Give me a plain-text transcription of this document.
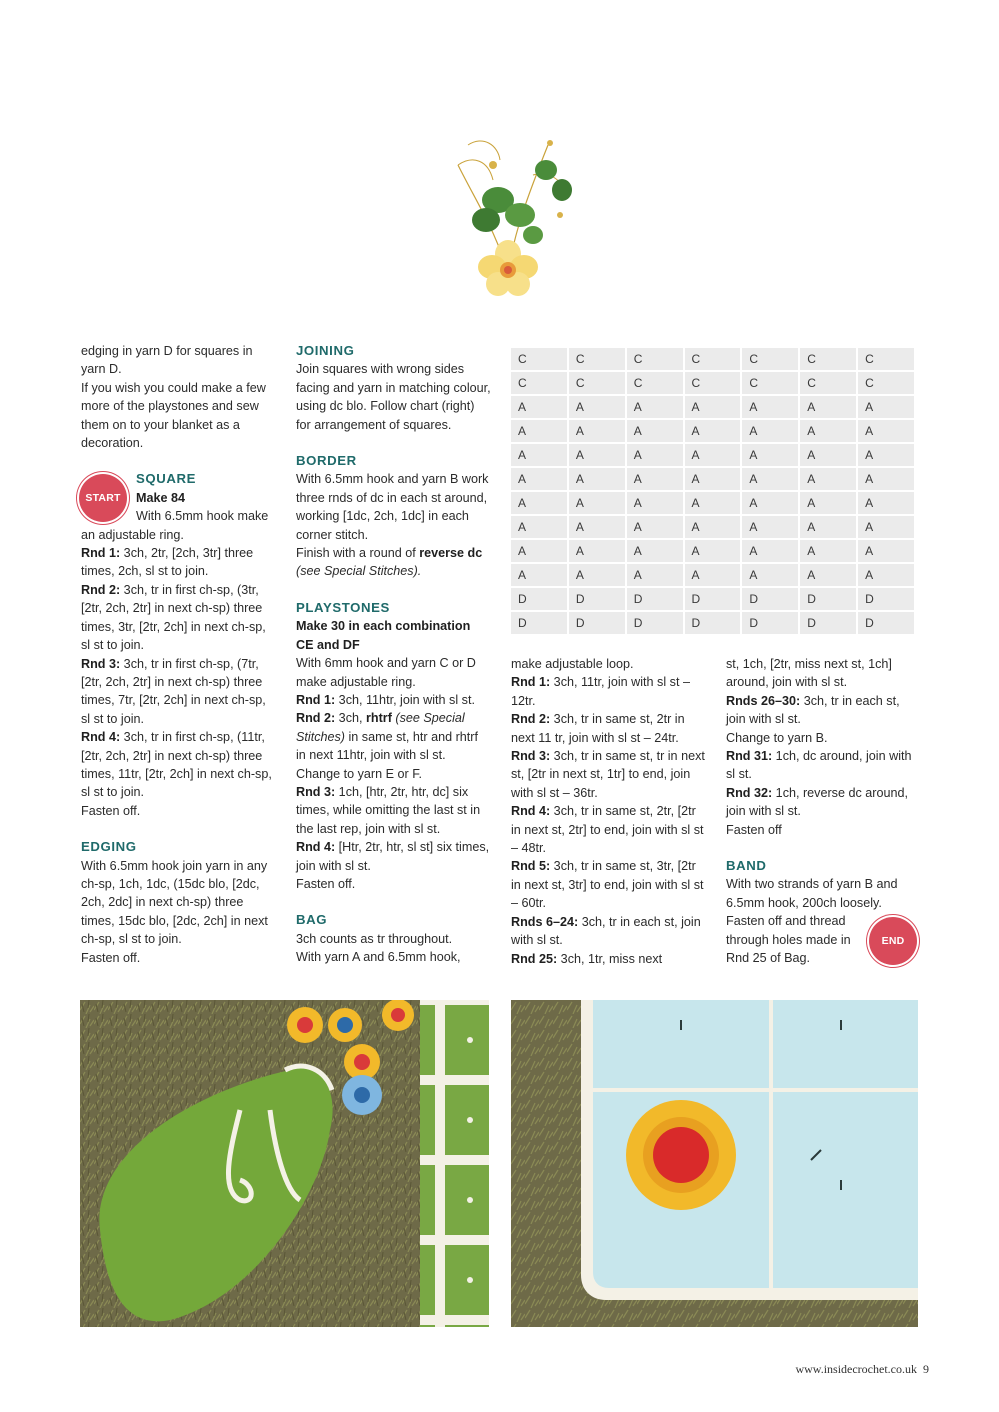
START
END

edging in yarn D for squares in yarn D.

If you wish you could make a few more of the playstones and sew them on to your blanket as a decoration.

SQUARE

Make 84

With 6.5mm hook make an adjustable ring.

Rnd 1: 3ch, 2tr, [2ch, 3tr] three times, 2ch, sl st to join.

Rnd 2: 3ch, tr in first ch-sp, (3tr, [2tr, 2ch, 2tr] in next ch-sp) three times, 3tr, [2tr, 2ch] in next ch-sp, sl st to join.

Rnd 3: 3ch, tr in first ch-sp, (7tr, [2tr, 2ch, 2tr] in next ch-sp) three times, 7tr, [2tr, 2ch] in next ch-sp, sl st to join.

Rnd 4: 3ch, tr in first ch-sp, (11tr, [2tr, 2ch, 2tr] in next ch-sp) three times, 11tr, [2tr, 2ch] in next ch-sp, sl st to join.

Fasten off.

EDGING

With 6.5mm hook join yarn in any ch-sp, 1ch, 1dc, (15dc blo, [2dc, 2ch, 2dc] in next ch-sp) three times, 15dc blo, [2dc, 2ch] in next ch-sp, sl st to join.

Fasten off.

JOINING

Join squares with wrong sides facing and yarn in matching colour, using dc blo. Follow chart (right) for arrangement of squares.

BORDER

With 6.5mm hook and yarn B work three rnds of dc in each st around, working [1dc, 2ch, 1dc] in each corner stitch.

Finish with a round of reverse dc (see Special Stitches).

PLAYSTONES

Make 30 in each combination CE and DF

With 6mm hook and yarn C or D make adjustable ring.

Rnd 1: 3ch, 11htr, join with sl st.

Rnd 2: 3ch, rhtrf (see Special Stitches) in same st, htr and rhtrf in next 11htr, join with sl st.

Change to yarn E or F.

Rnd 3: 1ch, [htr, 2tr, htr, dc] six times, while omitting the last st in the last rep, join with sl st.

Rnd 4: [Htr, 2tr, htr, sl st] six times, join with sl st.

Fasten off.

BAG

3ch counts as tr throughout.

With yarn A and 6.5mm hook,

C	C	C	C	C	C	C
C	C	C	C	C	C	C
A	A	A	A	A	A	A
A	A	A	A	A	A	A
A	A	A	A	A	A	A
A	A	A	A	A	A	A
A	A	A	A	A	A	A
A	A	A	A	A	A	A
A	A	A	A	A	A	A
A	A	A	A	A	A	A
D	D	D	D	D	D	D
D	D	D	D	D	D	D

make adjustable loop.

Rnd 1: 3ch, 11tr, join with sl st – 12tr.

Rnd 2: 3ch, tr in same st, 2tr in next 11 tr, join with sl st – 24tr.

Rnd 3: 3ch, tr in same st, tr in next st, [2tr in next st, 1tr] to end, join with sl st – 36tr.

Rnd 4: 3ch, tr in same st, 2tr, [2tr in next st, 2tr] to end, join with sl st – 48tr.

Rnd 5: 3ch, tr in same st, 3tr, [2tr in next st, 3tr] to end, join with sl st – 60tr.

Rnds 6–24: 3ch, tr in each st, join with sl st.

Rnd 25: 3ch, 1tr, miss next

st, 1ch, [2tr, miss next st, 1ch] around, join with sl st.

Rnds 26–30: 3ch, tr in each st, join with sl st.

Change to yarn B.

Rnd 31: 1ch, dc around, join with sl st.

Rnd 32: 1ch, reverse dc around, join with sl st.

Fasten off

BAND

With two strands of yarn B and 6.5mm hook, 200ch loosely.

Fasten off and thread through holes made in Rnd 25 of Bag.

www.insidecrochet.co.uk 9
